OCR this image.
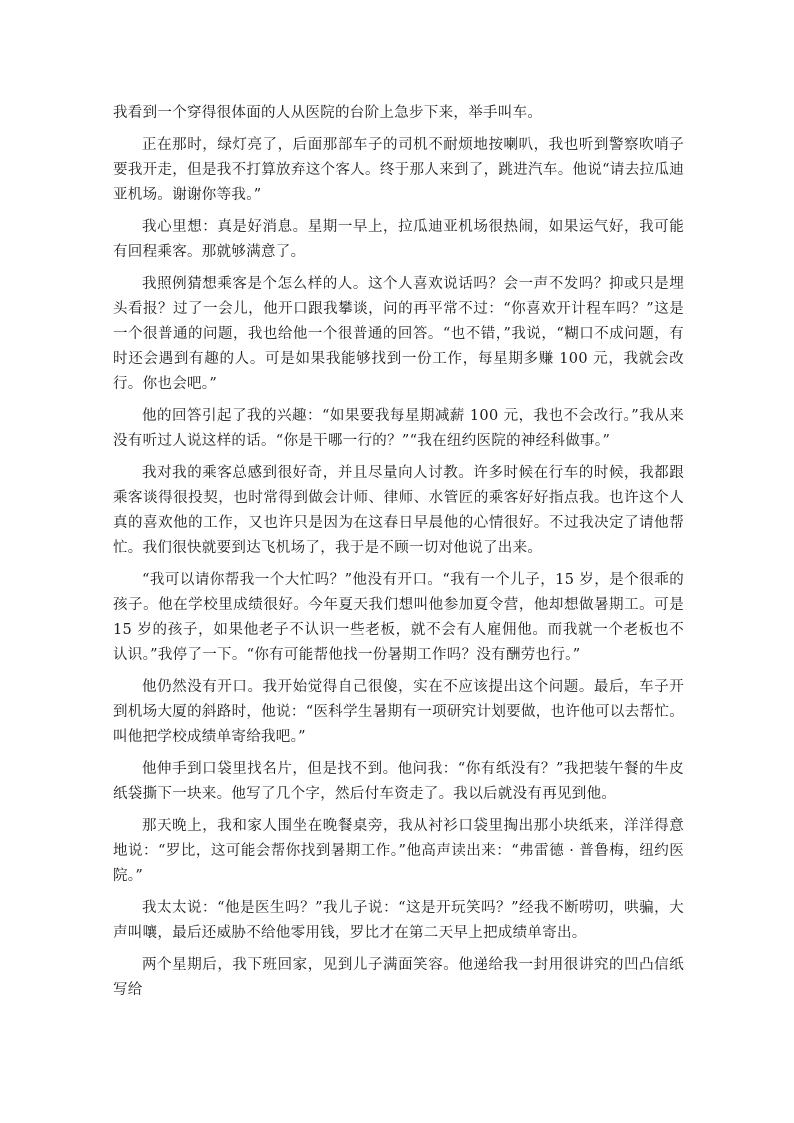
我看到一个穿得很体面的人从医院的台阶上急步下来，举手叫车。

正在那时，绿灯亮了，后面那部车子的司机不耐烦地按喇叭，我也听到警察吹哨子要我开走，但是我不打算放弃这个客人。终于那人来到了，跳进汽车。他说“请去拉瓜迪亚机场。谢谢你等我。”

我心里想：真是好消息。星期一早上，拉瓜迪亚机场很热闹，如果运气好，我可能有回程乘客。那就够满意了。

我照例猜想乘客是个怎么样的人。这个人喜欢说话吗？会一声不发吗？抑或只是埋头看报？过了一会儿，他开口跟我攀谈，问的再平常不过：“你喜欢开计程车吗？”这是一个很普通的问题，我也给他一个很普通的回答。“也不错，”我说，“糊口不成问题，有时还会遇到有趣的人。可是如果我能够找到一份工作，每星期多赚 100 元，我就会改行。你也会吧。”

他的回答引起了我的兴趣：“如果要我每星期减薪 100 元，我也不会改行。”我从来没有听过人说这样的话。“你是干哪一行的？”“我在纽约医院的神经科做事。”

我对我的乘客总感到很好奇，并且尽量向人讨教。许多时候在行车的时候，我都跟乘客谈得很投契，也时常得到做会计师、律师、水管匠的乘客好好指点我。也许这个人真的喜欢他的工作，又也许只是因为在这春日早晨他的心情很好。不过我决定了请他帮忙。我们很快就要到达飞机场了，我于是不顾一切对他说了出来。

“我可以请你帮我一个大忙吗？”他没有开口。“我有一个儿子，15 岁，是个很乖的孩子。他在学校里成绩很好。今年夏天我们想叫他参加夏令营，他却想做暑期工。可是 15 岁的孩子，如果他老子不认识一些老板，就不会有人雇佣他。而我就一个老板也不认识。”我停了一下。“你有可能帮他找一份暑期工作吗？没有酬劳也行。”

他仍然没有开口。我开始觉得自己很傻，实在不应该提出这个问题。最后，车子开到机场大厦的斜路时，他说：“医科学生暑期有一项研究计划要做，也许他可以去帮忙。叫他把学校成绩单寄给我吧。”

他伸手到口袋里找名片，但是找不到。他问我：“你有纸没有？”我把装午餐的牛皮纸袋撕下一块来。他写了几个字，然后付车资走了。我以后就没有再见到他。

那天晚上，我和家人围坐在晚餐桌旁，我从衬衫口袋里掏出那小块纸来，洋洋得意地说：“罗比，这可能会帮你找到暑期工作。”他高声读出来：“弗雷德 · 普鲁梅，纽约医院。”

我太太说：“他是医生吗？”我儿子说：“这是开玩笑吗？”经我不断唠叨，哄骗，大声叫嚷，最后还威胁不给他零用钱，罗比才在第二天早上把成绩单寄出。

两个星期后，我下班回家，见到儿子满面笑容。他递给我一封用很讲究的凹凸信纸写给
